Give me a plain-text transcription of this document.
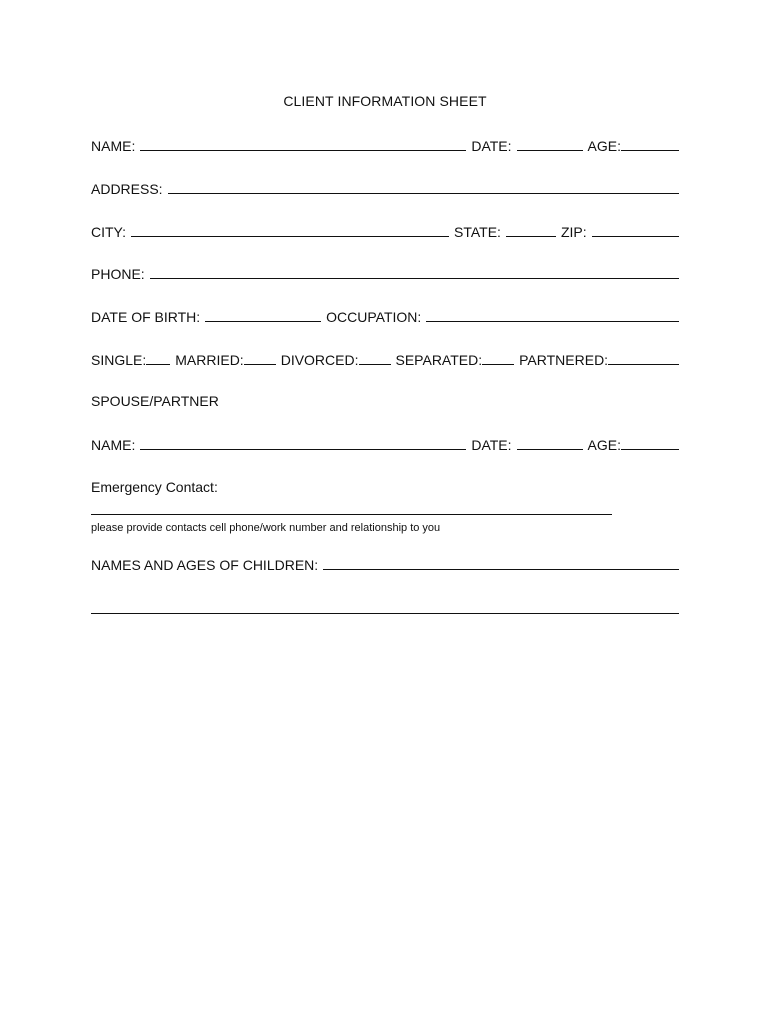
CLIENT INFORMATION SHEET
NAME:	DATE:	AGE:
ADDRESS:
CITY:	STATE:	ZIP:
PHONE:
DATE OF BIRTH:	OCCUPATION:
SINGLE: MARRIED:	DIVORCED:	SEPARATED:	PARTNERED:
SPOUSE/PARTNER
NAME:	DATE:	AGE:
Emergency Contact:
please provide contacts cell phone/work number and relationship to you
NAMES AND AGES OF CHILDREN:
